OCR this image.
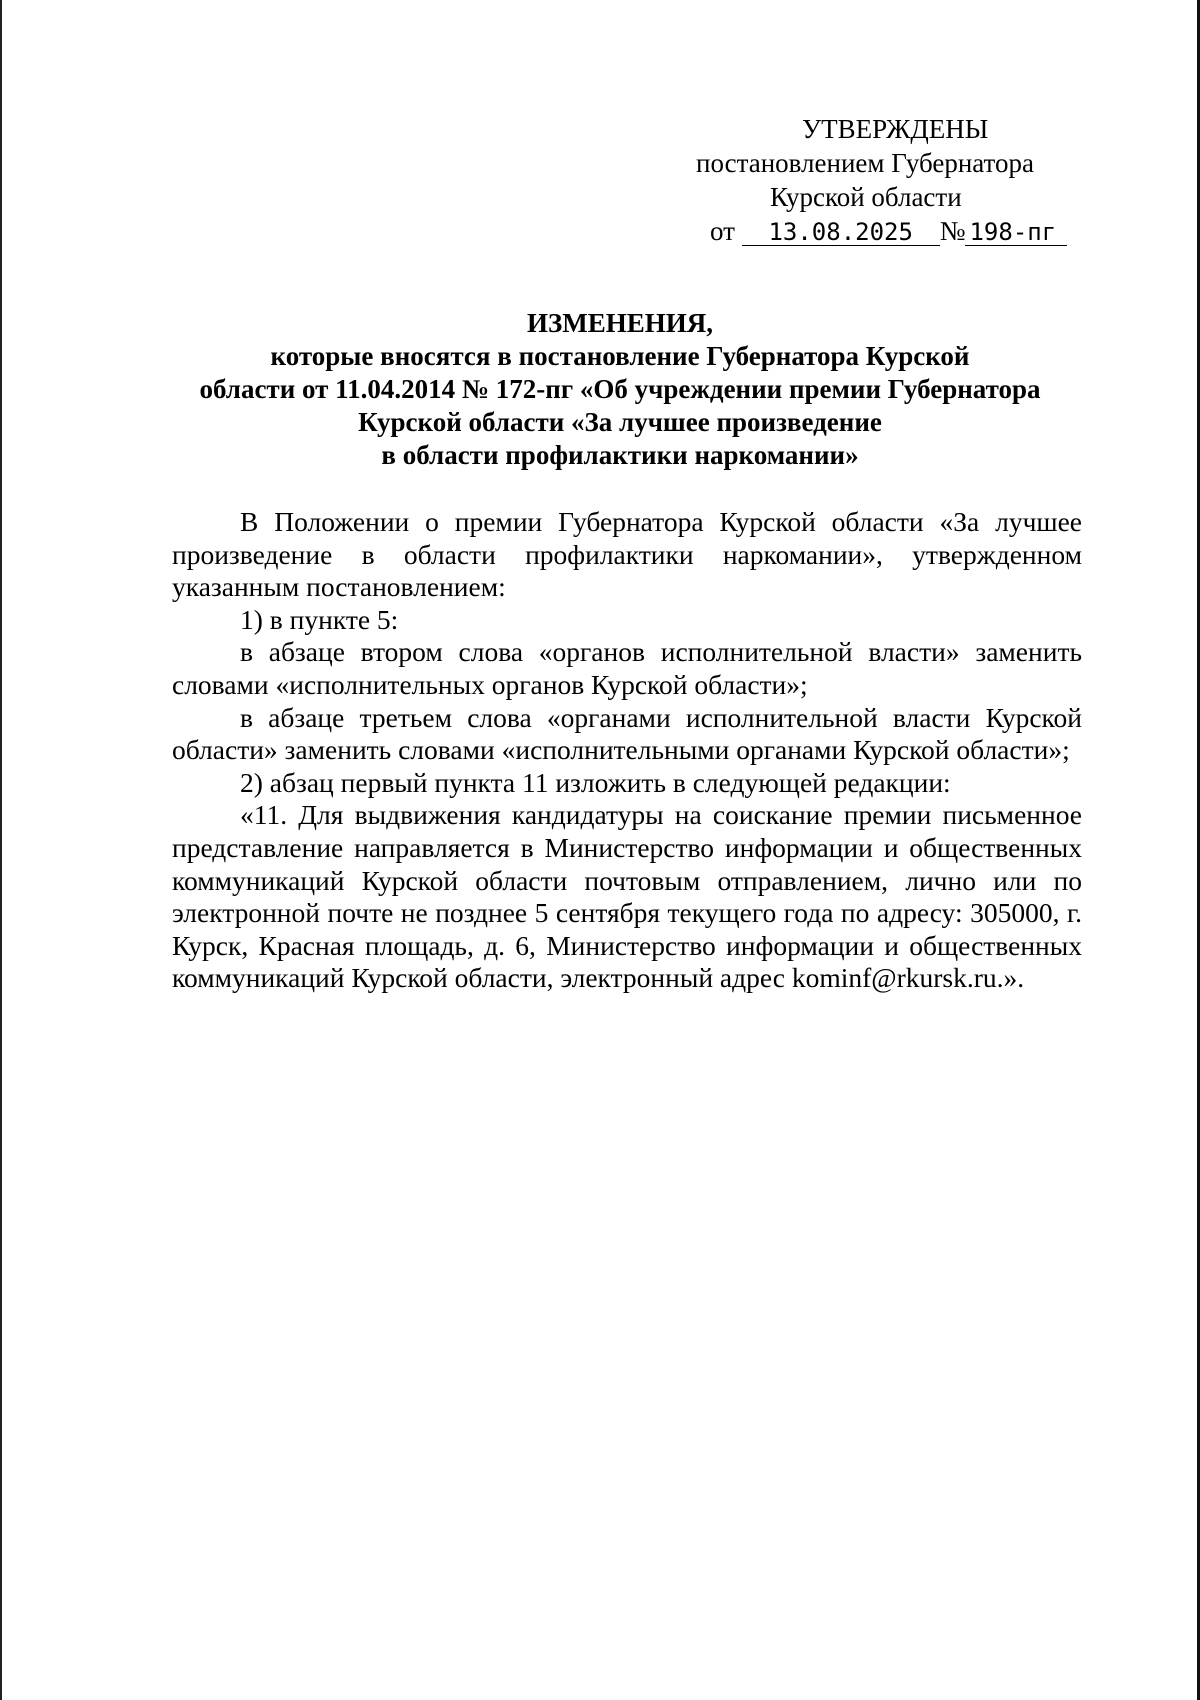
УТВЕРЖДЕНЫ
постановлением Губернатора
Курской области
от 13.08.2025 № 198-пг
ИЗМЕНЕНИЯ,
которые вносятся в постановление Губернатора Курской
области от 11.04.2014 № 172-пг «Об учреждении премии Губернатора
Курской области «За лучшее произведение
в области профилактики наркомании»

В Положении о премии Губернатора Курской области «За лучшее произведение в области профилактики наркомании», утвержденном указанным постановлением:

1) в пункте 5:

в абзаце втором слова «органов исполнительной власти» заменить словами «исполнительных органов Курской области»;

в абзаце третьем слова «органами исполнительной власти Курской области» заменить словами «исполнительными органами Курской области»;

2) абзац первый пункта 11 изложить в следующей редакции:

«11. Для выдвижения кандидатуры на соискание премии письменное представление направляется в Министерство информации и общественных коммуникаций Курской области почтовым отправлением, лично или по электронной почте не позднее 5 сентября текущего года по адресу: 305000, г. Курск, Красная площадь, д. 6, Министерство информации и общественных коммуникаций Курской области, электронный адрес kominf@rkursk.ru.».
